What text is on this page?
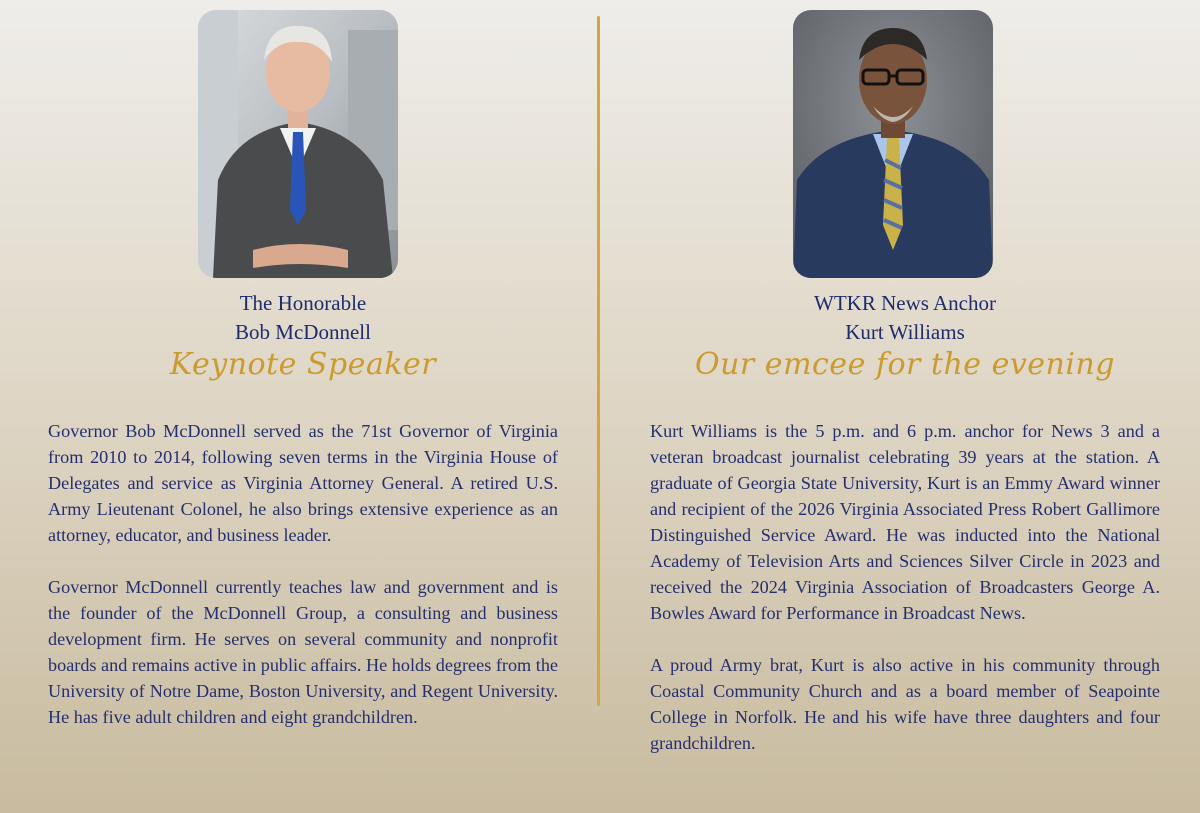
The Honorable
Bob McDonnell
Keynote Speaker

Governor Bob McDonnell served as the 71st Governor of Virginia from 2010 to 2014, following seven terms in the Virginia House of Delegates and service as Virginia Attorney General. A retired U.S. Army Lieutenant Colonel, he also brings extensive experience as an attorney, educator, and business leader.

Governor McDonnell currently teaches law and government and is the founder of the McDonnell Group, a consulting and business development firm. He serves on several community and nonprofit boards and remains active in public affairs. He holds degrees from the University of Notre Dame, Boston University, and Regent University. He has five adult children and eight grandchildren.

WTKR News Anchor
Kurt Williams
Our emcee for the evening

Kurt Williams is the 5 p.m. and 6 p.m. anchor for News 3 and a veteran broadcast journalist celebrating 39 years at the station. A graduate of Georgia State University, Kurt is an Emmy Award winner and recipient of the 2026 Virginia Associated Press Robert Gallimore Distinguished Service Award. He was inducted into the National Academy of Television Arts and Sciences Silver Circle in 2023 and received the 2024 Virginia Association of Broadcasters George A. Bowles Award for Performance in Broadcast News.

A proud Army brat, Kurt is also active in his community through Coastal Community Church and as a board member of Seapointe College in Norfolk. He and his wife have three daughters and four grandchildren.
